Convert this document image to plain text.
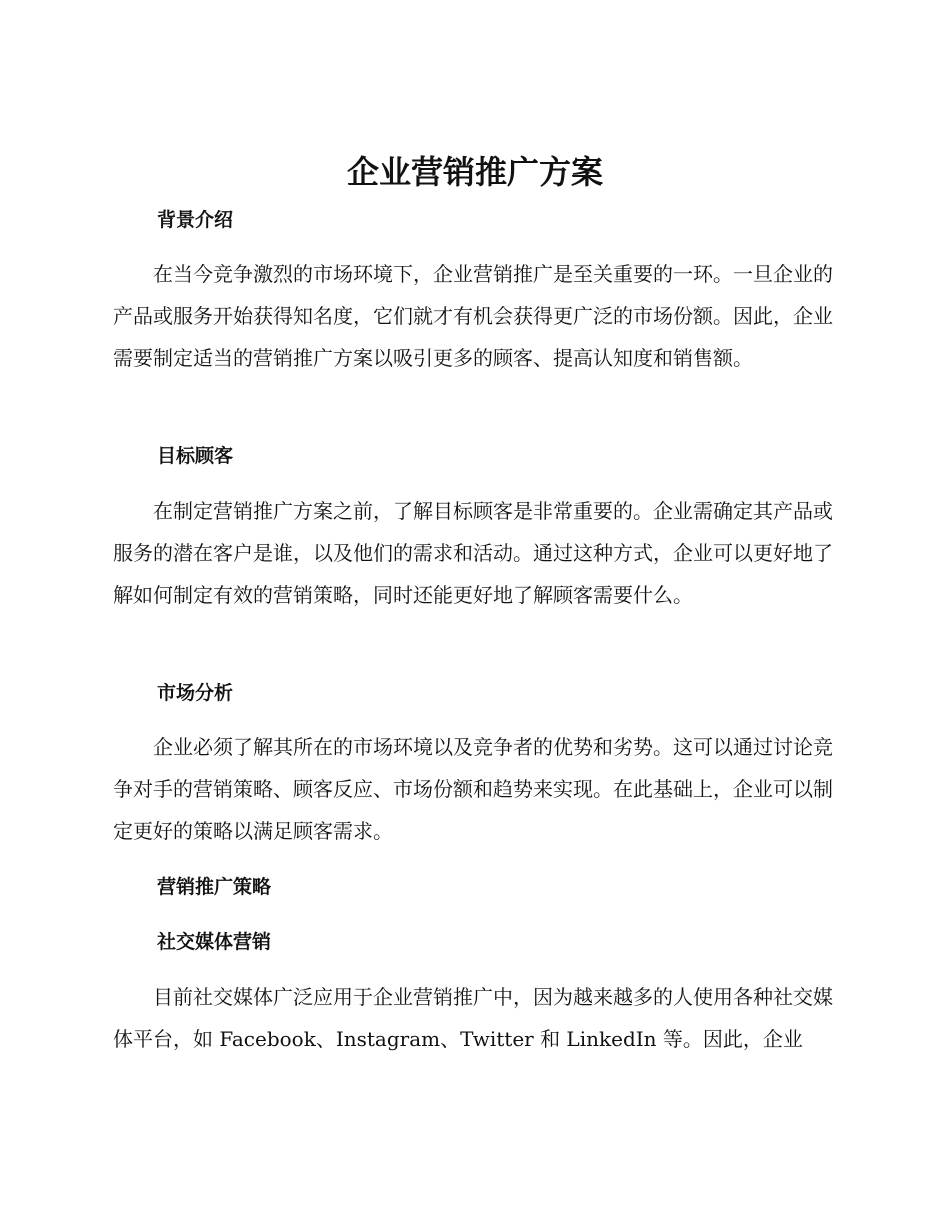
企业营销推广方案
背景介绍

在当今竞争激烈的市场环境下，企业营销推广是至关重要的一环。一旦企业的产品或服务开始获得知名度，它们就才有机会获得更广泛的市场份额。因此，企业需要制定适当的营销推广方案以吸引更多的顾客、提高认知度和销售额。

目标顾客

在制定营销推广方案之前，了解目标顾客是非常重要的。企业需确定其产品或服务的潜在客户是谁，以及他们的需求和活动。通过这种方式，企业可以更好地了解如何制定有效的营销策略，同时还能更好地了解顾客需要什么。

市场分析

企业必须了解其所在的市场环境以及竞争者的优势和劣势。这可以通过讨论竞争对手的营销策略、顾客反应、市场份额和趋势来实现。在此基础上，企业可以制定更好的策略以满足顾客需求。

营销推广策略
社交媒体营销

目前社交媒体广泛应用于企业营销推广中，因为越来越多的人使用各种社交媒体平台，如 Facebook、Instagram、Twitter 和 LinkedIn 等。因此，企业
